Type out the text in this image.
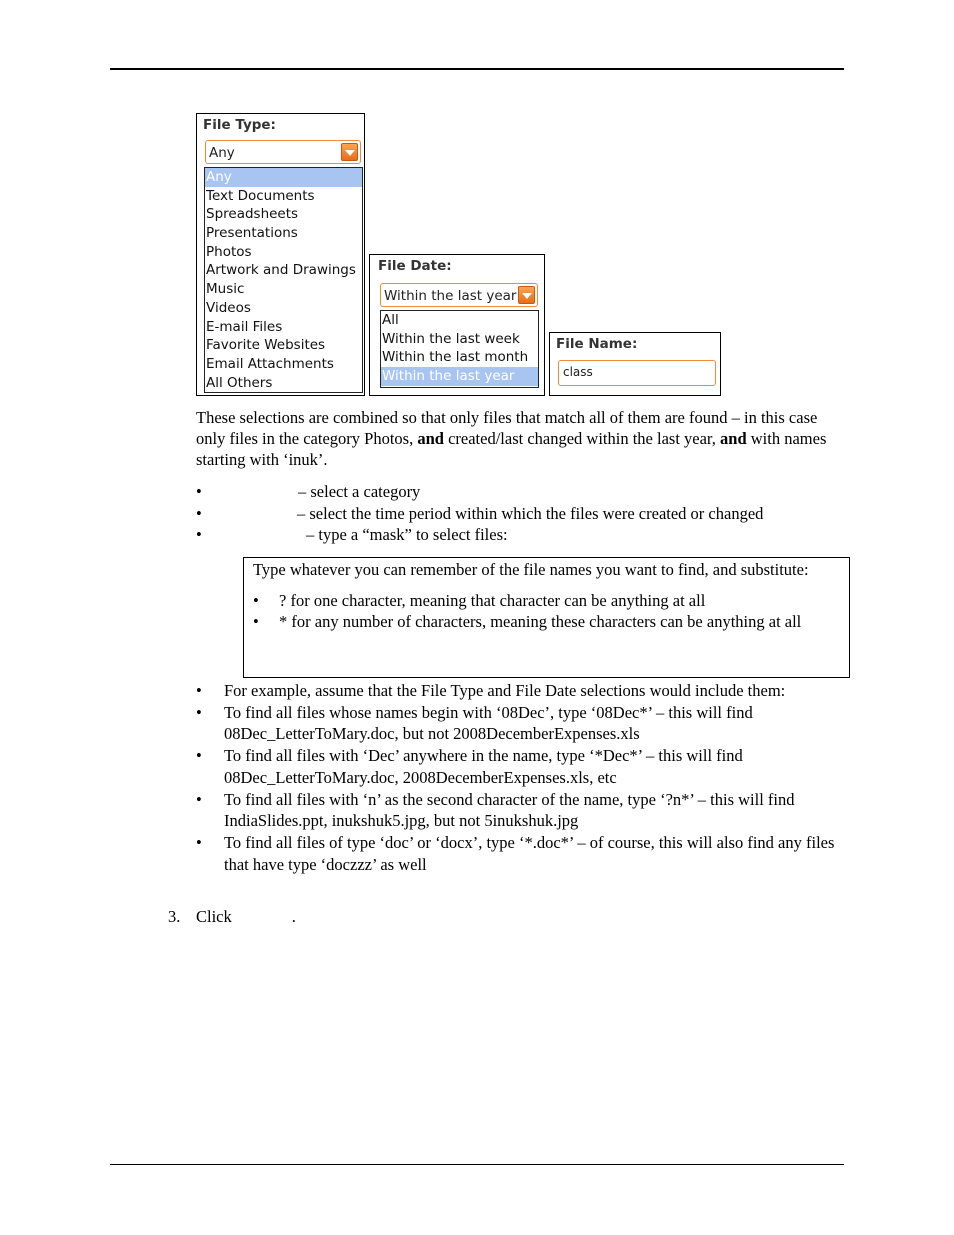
File Type:
Any
Any
Text Documents
Spreadsheets
Presentations
Photos
Artwork and Drawings
Music
Videos
E-mail Files
Favorite Websites
Email Attachments
All Others
File Date:
Within the last year
All
Within the last week
Within the last month
Within the last year
File Name:
class

These selections are combined so that only files that match all of them are found – in this case only files in the category Photos, and created/last changed within the last year, and with names starting with ‘inuk’.

• – select a category
• – select the time period within which the files were created or changed
• – type a “mask” to select files:
Type whatever you can remember of the file names you want to find, and substitute:
• ? for one character, meaning that character can be anything at all
• * for any number of characters, meaning these characters can be anything at all
• For example, assume that the File Type and File Date selections would include them:
• To find all files whose names begin with ‘08Dec’, type ‘08Dec*’ – this will find 08Dec_LetterToMary.doc, but not 2008DecemberExpenses.xls
• To find all files with ‘Dec’ anywhere in the name, type ‘*Dec*’ – this will find 08Dec_LetterToMary.doc, 2008DecemberExpenses.xls, etc
• To find all files with ‘n’ as the second character of the name, type ‘?n*’ – this will find IndiaSlides.ppt, inukshuk5.jpg, but not 5inukshuk.jpg
• To find all files of type ‘doc’ or ‘docx’, type ‘*.doc*’ – of course, this will also find any files that have type ‘doczzz’ as well
3. Click	.
